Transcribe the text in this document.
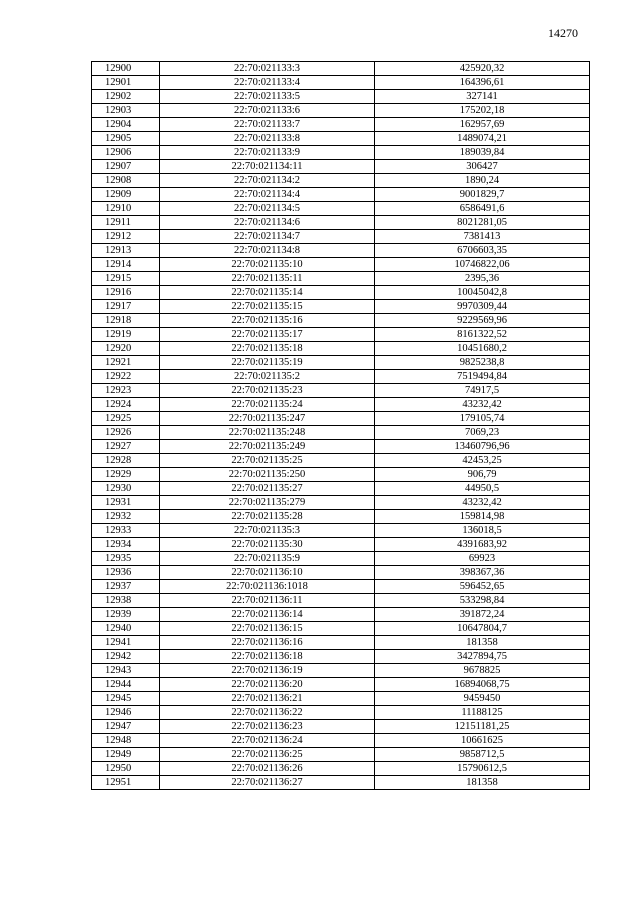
14270
12900	22:70:021133:3	425920,32
12901	22:70:021133:4	164396,61
12902	22:70:021133:5	327141
12903	22:70:021133:6	175202,18
12904	22:70:021133:7	162957,69
12905	22:70:021133:8	1489074,21
12906	22:70:021133:9	189039,84
12907	22:70:021134:11	306427
12908	22:70:021134:2	1890,24
12909	22:70:021134:4	9001829,7
12910	22:70:021134:5	6586491,6
12911	22:70:021134:6	8021281,05
12912	22:70:021134:7	7381413
12913	22:70:021134:8	6706603,35
12914	22:70:021135:10	10746822,06
12915	22:70:021135:11	2395,36
12916	22:70:021135:14	10045042,8
12917	22:70:021135:15	9970309,44
12918	22:70:021135:16	9229569,96
12919	22:70:021135:17	8161322,52
12920	22:70:021135:18	10451680,2
12921	22:70:021135:19	9825238,8
12922	22:70:021135:2	7519494,84
12923	22:70:021135:23	74917,5
12924	22:70:021135:24	43232,42
12925	22:70:021135:247	179105,74
12926	22:70:021135:248	7069,23
12927	22:70:021135:249	13460796,96
12928	22:70:021135:25	42453,25
12929	22:70:021135:250	906,79
12930	22:70:021135:27	44950,5
12931	22:70:021135:279	43232,42
12932	22:70:021135:28	159814,98
12933	22:70:021135:3	136018,5
12934	22:70:021135:30	4391683,92
12935	22:70:021135:9	69923
12936	22:70:021136:10	398367,36
12937	22:70:021136:1018	596452,65
12938	22:70:021136:11	533298,84
12939	22:70:021136:14	391872,24
12940	22:70:021136:15	10647804,7
12941	22:70:021136:16	181358
12942	22:70:021136:18	3427894,75
12943	22:70:021136:19	9678825
12944	22:70:021136:20	16894068,75
12945	22:70:021136:21	9459450
12946	22:70:021136:22	11188125
12947	22:70:021136:23	12151181,25
12948	22:70:021136:24	10661625
12949	22:70:021136:25	9858712,5
12950	22:70:021136:26	15790612,5
12951	22:70:021136:27	181358
